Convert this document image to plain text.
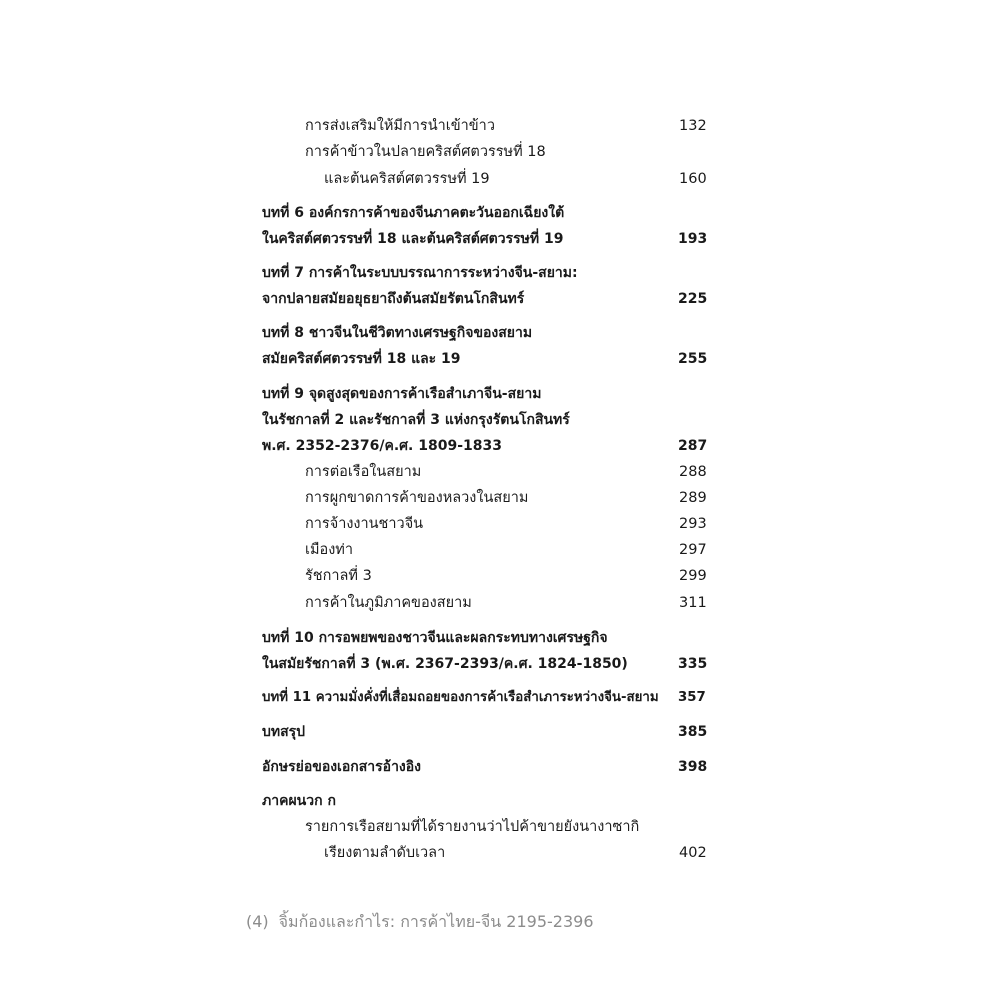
การส่งเสริมให้มีการนำเข้าข้าว	132
การค้าข้าวในปลายคริสต์ศตวรรษที่ 18
และต้นคริสต์ศตวรรษที่ 19	160
บทที่ 6 องค์กรการค้าของจีนภาคตะวันออกเฉียงใต้
ในคริสต์ศตวรรษที่ 18 และต้นคริสต์ศตวรรษที่ 19	193
บทที่ 7 การค้าในระบบบรรณาการระหว่างจีน-สยาม:
จากปลายสมัยอยุธยาถึงต้นสมัยรัตนโกสินทร์	225
บทที่ 8 ชาวจีนในชีวิตทางเศรษฐกิจของสยาม
สมัยคริสต์ศตวรรษที่ 18 และ 19	255
บทที่ 9 จุดสูงสุดของการค้าเรือสำเภาจีน-สยาม
ในรัชกาลที่ 2 และรัชกาลที่ 3 แห่งกรุงรัตนโกสินทร์
พ.ศ. 2352-2376/ค.ศ. 1809-1833	287
การต่อเรือในสยาม	288
การผูกขาดการค้าของหลวงในสยาม	289
การจ้างงานชาวจีน	293
เมืองท่า	297
รัชกาลที่ 3	299
การค้าในภูมิภาคของสยาม	311
บทที่ 10 การอพยพของชาวจีนและผลกระทบทางเศรษฐกิจ
ในสมัยรัชกาลที่ 3 (พ.ศ. 2367-2393/ค.ศ. 1824-1850)	335
บทที่ 11 ความมั่งคั่งที่เสื่อมถอยของการค้าเรือสำเภาระหว่างจีน-สยาม 357
บทสรุป	385
อักษรย่อของเอกสารอ้างอิง	398
ภาคผนวก ก
รายการเรือสยามที่ได้รายงานว่าไปค้าขายยังนางาซากิ
เรียงตามลำดับเวลา	402
(4) จิ้มก้องและกำไร: การค้าไทย-จีน 2195-2396
